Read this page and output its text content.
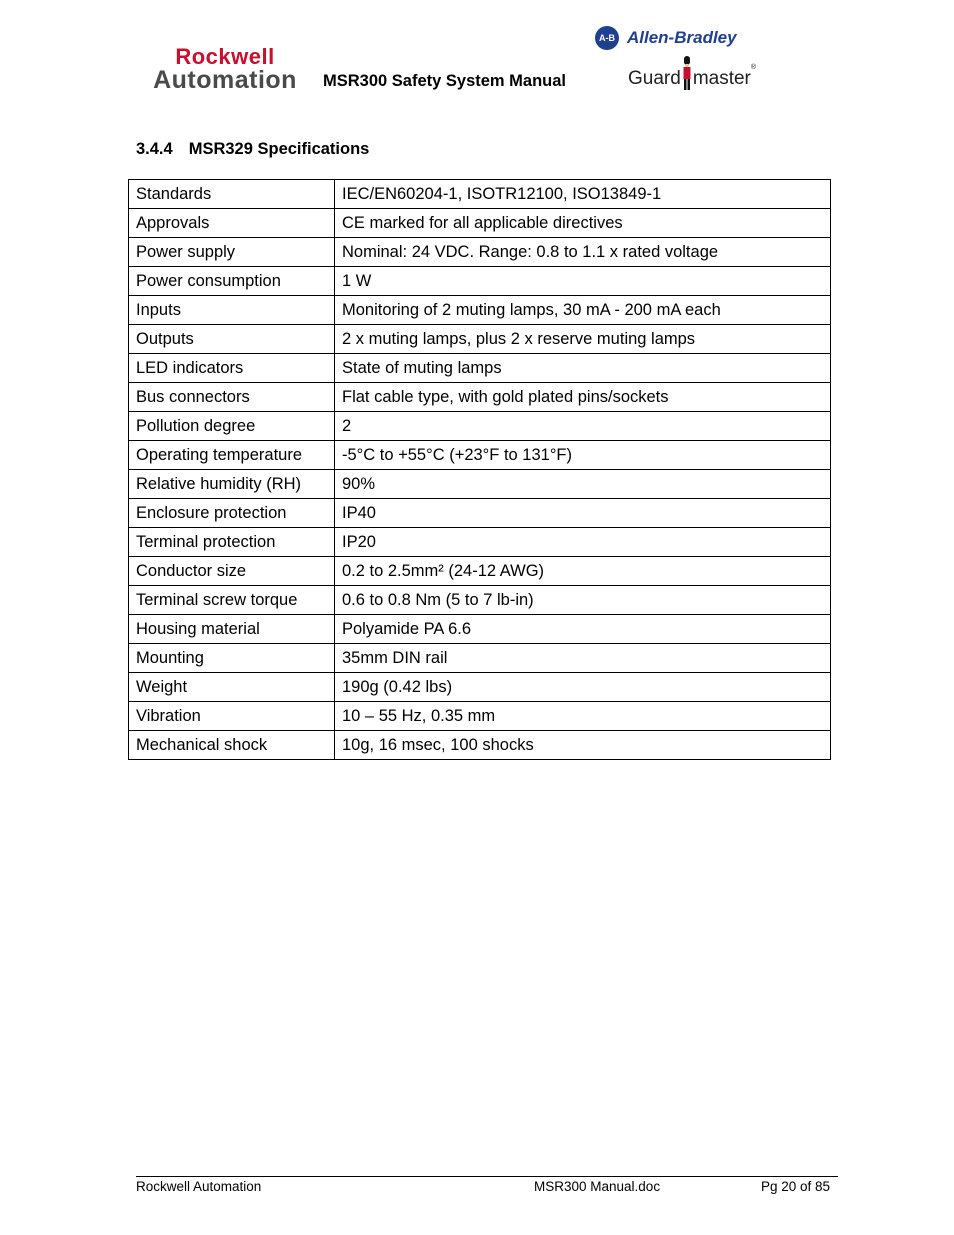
Rockwell
Automation	MSR300 Safety System Manual
A-B Allen-Bradley
Guard master
®
3.4.4 MSR329 Specifications
Standards	IEC/EN60204-1, ISOTR12100, ISO13849-1
Approvals	CE marked for all applicable directives
Power supply	Nominal: 24 VDC. Range: 0.8 to 1.1 x rated voltage
Power consumption	1 W
Inputs	Monitoring of 2 muting lamps, 30 mA - 200 mA each
Outputs	2 x muting lamps, plus 2 x reserve muting lamps
LED indicators	State of muting lamps
Bus connectors	Flat cable type, with gold plated pins/sockets
Pollution degree	2
Operating temperature	-5°C to +55°C (+23°F to 131°F)
Relative humidity (RH)	90%
Enclosure protection	IP40
Terminal protection	IP20
Conductor size	0.2 to 2.5mm² (24-12 AWG)
Terminal screw torque	0.6 to 0.8 Nm (5 to 7 lb-in)
Housing material	Polyamide PA 6.6
Mounting	35mm DIN rail
Weight	190g (0.42 lbs)
Vibration	10 – 55 Hz, 0.35 mm
Mechanical shock	10g, 16 msec, 100 shocks
Rockwell Automation	MSR300 Manual.doc	Pg 20 of 85
